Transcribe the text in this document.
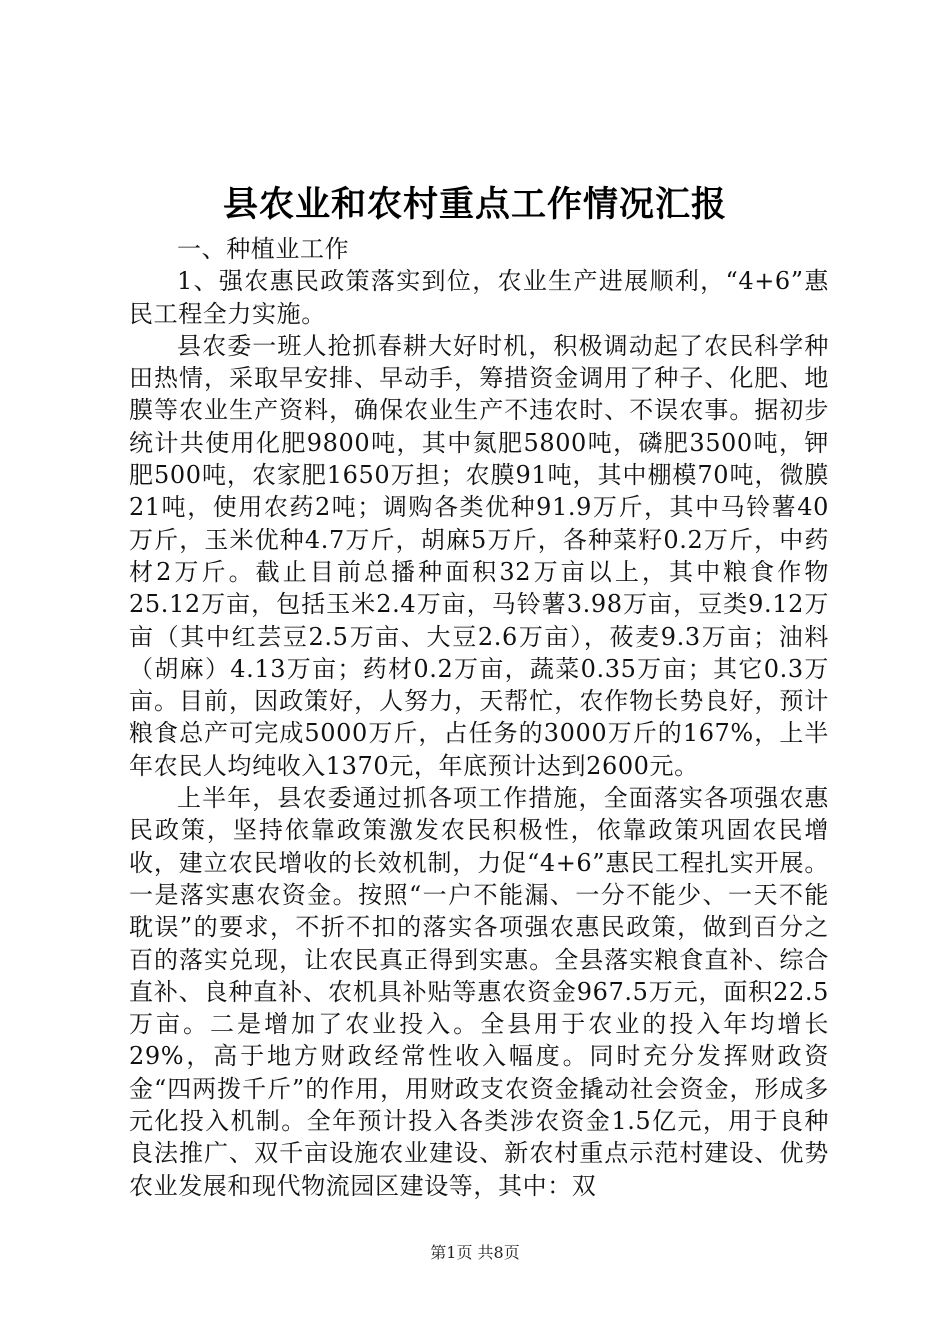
县农业和农村重点工作情况汇报

一、种植业工作

1、强农惠民政策落实到位，农业生产进展顺利，“4+6”惠民工程全力实施。

县农委一班人抢抓春耕大好时机，积极调动起了农民科学种田热情，采取早安排、早动手，筹措资金调用了种子、化肥、地膜等农业生产资料，确保农业生产不违农时、不误农事。据初步统计共使用化肥9800吨，其中氮肥5800吨，磷肥3500吨，钾肥500吨，农家肥1650万担；农膜91吨，其中棚模70吨，微膜21吨，使用农药2吨；调购各类优种91.9万斤，其中马铃薯40万斤，玉米优种4.7万斤，胡麻5万斤，各种菜籽0.2万斤，中药材2万斤。截止目前总播种面积32万亩以上，其中粮食作物25.12万亩，包括玉米2.4万亩，马铃薯3.98万亩，豆类9.12万亩（其中红芸豆2.5万亩、大豆2.6万亩），莜麦9.3万亩；油料（胡麻）4.13万亩；药材0.2万亩，蔬菜0.35万亩；其它0.3万亩。目前，因政策好，人努力，天帮忙，农作物长势良好，预计粮食总产可完成5000万斤，占任务的3000万斤的167%，上半年农民人均纯收入1370元，年底预计达到2600元。

上半年，县农委通过抓各项工作措施，全面落实各项强农惠民政策，坚持依靠政策激发农民积极性，依靠政策巩固农民增收，建立农民增收的长效机制，力促“4+6”惠民工程扎实开展。一是落实惠农资金。按照“一户不能漏、一分不能少、一天不能耽误”的要求，不折不扣的落实各项强农惠民政策，做到百分之百的落实兑现，让农民真正得到实惠。全县落实粮食直补、综合直补、良种直补、农机具补贴等惠农资金967.5万元，面积22.5万亩。二是增加了农业投入。全县用于农业的投入年均增长29%，高于地方财政经常性收入幅度。同时充分发挥财政资金“四两拨千斤”的作用，用财政支农资金撬动社会资金，形成多元化投入机制。全年预计投入各类涉农资金1.5亿元，用于良种良法推广、双千亩设施农业建设、新农村重点示范村建设、优势农业发展和现代物流园区建设等，其中：双

第1页 共8页
